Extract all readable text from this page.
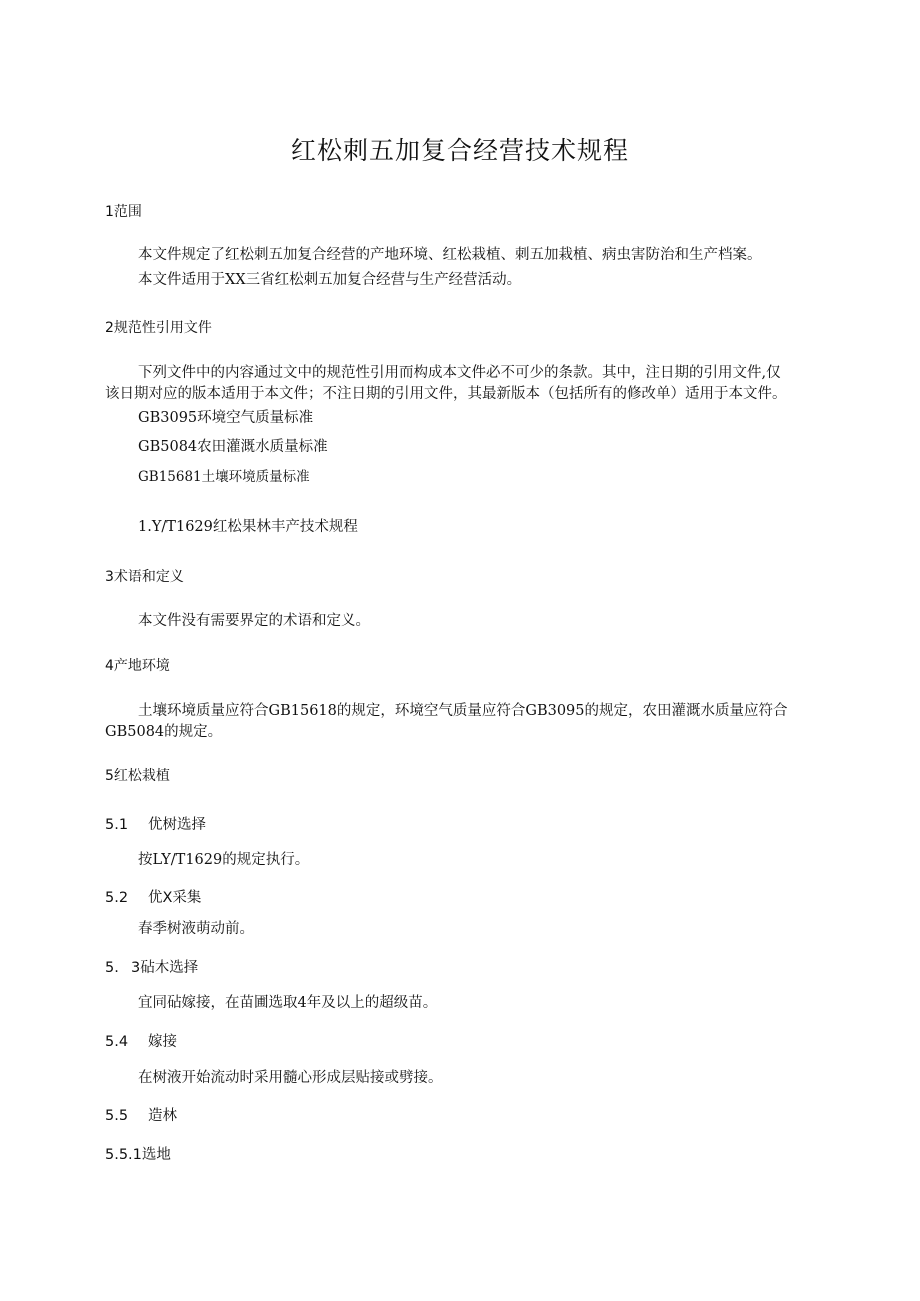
红松刺五加复合经营技术规程
1范围
本文件规定了红松刺五加复合经营的产地环境、红松栽植、刺五加栽植、病虫害防治和生产档案。
本文件适用于XX三省红松刺五加复合经营与生产经营活动。
2规范性引用文件
下列文件中的内容通过文中的规范性引用而构成本文件必不可少的条款。其中，注日期的引用文件,仅
该日期对应的版本适用于本文件；不注日期的引用文件，其最新版本（包括所有的修改单）适用于本文件。
GB3095环境空气质量标准
GB5084农田灌溉水质量标准
GB15681土壤环境质量标准
1.Y/T1629红松果林丰产技术规程
3术语和定义
本文件没有需要界定的术语和定义。
4产地环境
土壤环境质量应符合GB15618的规定，环境空气质量应符合GB3095的规定，农田灌溉水质量应符合
GB5084的规定。
5红松栽植
5.1 优树选择
按LY/T1629的规定执行。
5.2 优X采集
春季树液萌动前。
5. 3砧木选择
宜同砧嫁接，在苗圃选取4年及以上的超级苗。
5.4 嫁接
在树液开始流动时采用髓心形成层贴接或劈接。
5.5 造林
5.5.1选地
